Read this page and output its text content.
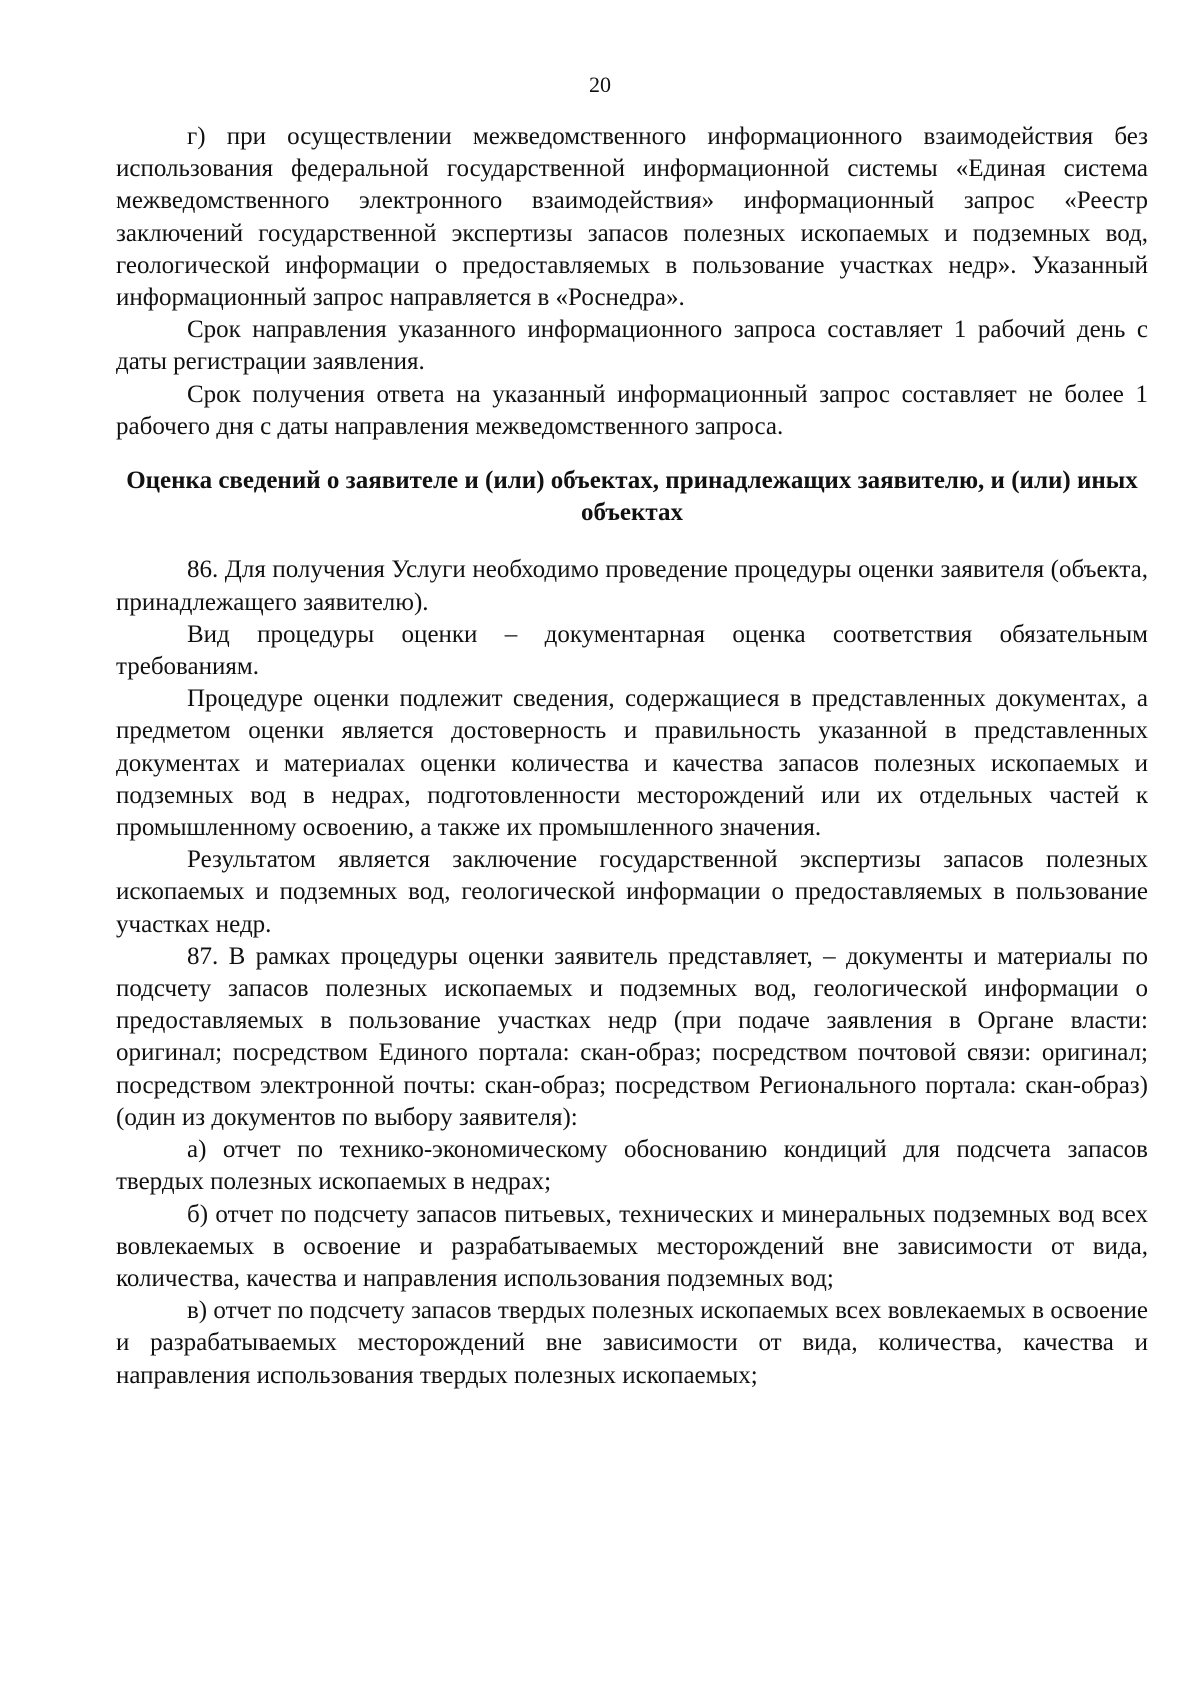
20

г) при осуществлении межведомственного информационного взаимодействия без использования федеральной государственной информационной системы «Единая система межведомственного электронного взаимодействия» информационный запрос «Реестр заключений государственной экспертизы запасов полезных ископаемых и подземных вод, геологической информации о предоставляемых в пользование участках недр». Указанный информационный запрос направляется в «Роснедра».

Срок направления указанного информационного запроса составляет 1 рабочий день с даты регистрации заявления.

Срок получения ответа на указанный информационный запрос составляет не более 1 рабочего дня с даты направления межведомственного запроса.

Оценка сведений о заявителе и (или) объектах, принадлежащих заявителю, и (или) иных объектах

86. Для получения Услуги необходимо проведение процедуры оценки заявителя (объекта, принадлежащего заявителю).

Вид процедуры оценки – документарная оценка соответствия обязательным требованиям.

Процедуре оценки подлежит сведения, содержащиеся в представленных документах, а предметом оценки является достоверность и правильность указанной в представленных документах и материалах оценки количества и качества запасов полезных ископаемых и подземных вод в недрах, подготовленности месторождений или их отдельных частей к промышленному освоению, а также их промышленного значения.

Результатом является заключение государственной экспертизы запасов полезных ископаемых и подземных вод, геологической информации о предоставляемых в пользование участках недр.

87. В рамках процедуры оценки заявитель представляет, – документы и материалы по подсчету запасов полезных ископаемых и подземных вод, геологической информации о предоставляемых в пользование участках недр (при подаче заявления в Органе власти: оригинал; посредством Единого портала: скан-образ; посредством почтовой связи: оригинал; посредством электронной почты: скан-образ; посредством Регионального портала: скан-образ) (один из документов по выбору заявителя):

а) отчет по технико-экономическому обоснованию кондиций для подсчета запасов твердых полезных ископаемых в недрах;

б) отчет по подсчету запасов питьевых, технических и минеральных подземных вод всех вовлекаемых в освоение и разрабатываемых месторождений вне зависимости от вида, количества, качества и направления использования подземных вод;

в) отчет по подсчету запасов твердых полезных ископаемых всех вовлекаемых в освоение и разрабатываемых месторождений вне зависимости от вида, количества, качества и направления использования твердых полезных ископаемых;
